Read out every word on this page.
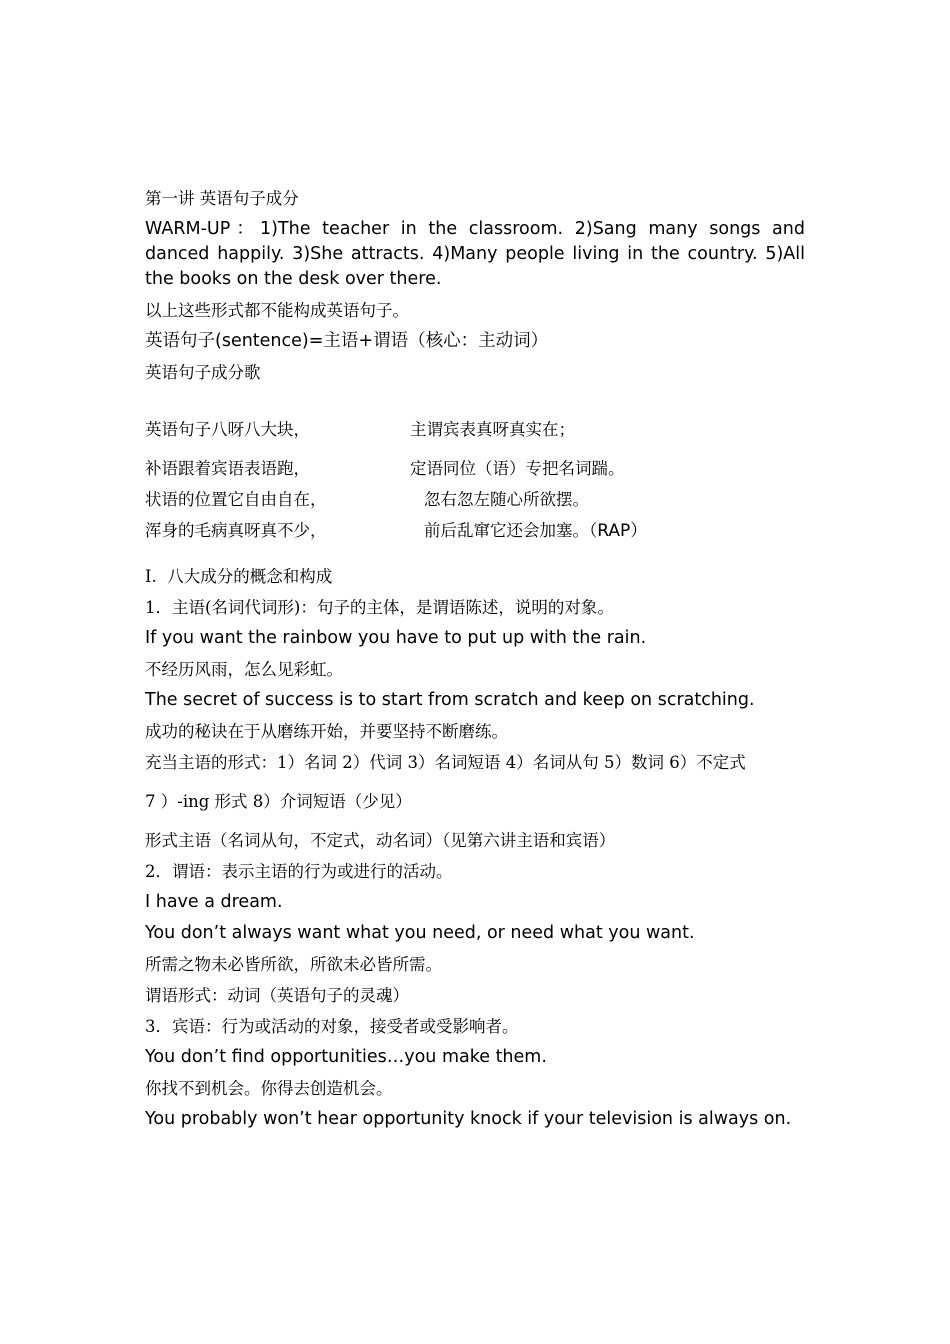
第一讲 英语句子成分
WARM-UP：1)The teacher in the classroom. 2)Sang many songs and danced happily. 3)She attracts. 4)Many people living in the country. 5)All the books on the desk over there.
以上这些形式都不能构成英语句子。
英语句子(sentence)=主语+谓语（核心：主动词）
英语句子成分歌
英语句子八呀八大块，	主谓宾表真呀真实在；
补语跟着宾语表语跑，	定语同位（语）专把名词踹。
状语的位置它自由自在，	忽右忽左随心所欲摆。
浑身的毛病真呀真不少，	前后乱窜它还会加塞。（RAP）
I.  八大成分的概念和构成
1．主语(名词代词形)：句子的主体，是谓语陈述，说明的对象。
If you want the rainbow you have to put up with the rain.
不经历风雨，怎么见彩虹。
The secret of success is to start from scratch and keep on scratching.
成功的秘诀在于从磨练开始，并要坚持不断磨练。
充当主语的形式：1）名词 2）代词 3）名词短语 4）名词从句 5）数词 6）不定式
7 ）-ing 形式 8）介词短语（少见）
形式主语（名词从句，不定式，动名词）（见第六讲主语和宾语）
2．谓语：表示主语的行为或进行的活动。
I have a dream.
You don’t always want what you need, or need what you want.
所需之物未必皆所欲，所欲未必皆所需。
谓语形式：动词（英语句子的灵魂）
3．宾语：行为或活动的对象，接受者或受影响者。
You don’t find opportunities…you make them.
你找不到机会。你得去创造机会。
You probably won’t hear opportunity knock if your television is always on.
